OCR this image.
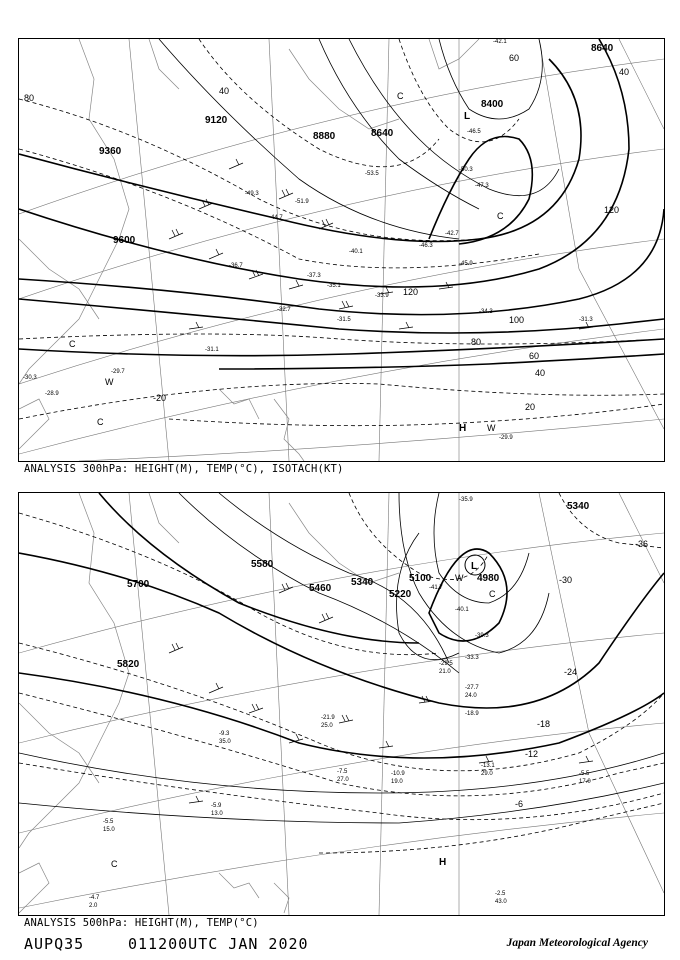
8640
9120
8880	8640
8400
9360
9600
80
40
60
120
120
100
80
60
40
20
-20
40
L
C
C
H W
W
C
C
-29.9
-31.1
-31.5
-34.3
-31.3
-32.7
-33.9
-37.3
-35.1
-40.1
-42.7
-46.3
-45.9
-47.3
-50.3
-51.9
-49.3
-46.5
-42.1
-53.5
-29.7
-30.3
-28.9
-36.7
-44.7
ANALYSIS 300hPa: HEIGHT(M), TEMP(°C), ISOTACH(KT)
5340
5580
5700	5460
5340	5100	4980
5220
5820
-36
-30
-24
-18
-12
-6
L
C
C	H
W
-2.5
43.0
-4.7
2.0
-5.5
15.0
-5.9
13.0
-7.5
27.0
-10.9
19.0
-13.1
29.0	-5.5
17.0
-9.3
35.0
-21.9
25.0
-29.5
21.0
-33.3
-40.1
-39.3
-41.7
-35.9
-27.7
24.0
-18.9
ANALYSIS 500hPa: HEIGHT(M), TEMP(°C)
AUPQ35	011200UTC JAN 2020	Japan Meteorological Agency
